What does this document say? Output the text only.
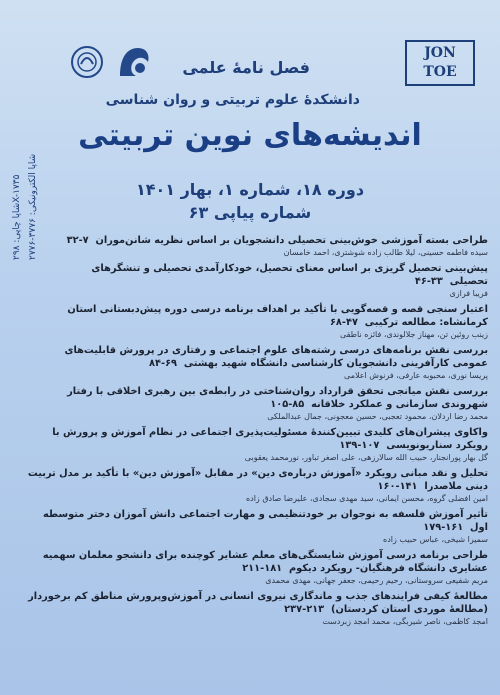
JON TOE
شاپا چاپی: ۲۹۸X-۱۷۳۵
شاپا الکترونیکی: ۳۷۷۶-۲۷۷۶
فصل نامهٔ علمی
دانشکدهٔ علوم تربیتی و روان شناسی
اندیشه‌های نوین تربیتی
دوره ۱۸، شماره ۱، بهار ۱۴۰۱
شماره پیاپی ۶۳
طراحی بسته آموزشی خوش‌بینی تحصیلی دانشجویان بر اساس نظریه شانن‌موران  ۷-۳۲
سیده فاطمه حسینی، لیلا طالب زاده شوشتری، احمد خامسان
پیش‌بینی تحصیل گریزی بر اساس معنای تحصیل، خودکارآمدی تحصیلی و تنشگرهای تحصیلی  ۳۳-۴۶
فریبا فرازی
اعتبار سنجی قصه و قصه‌گویی با تأکید بر اهداف برنامه درسی دوره پیش‌دبستانی استان کرمانشاه: مطالعه ترکیبی  ۴۷-۶۸
زینب روئین تن، مهناز جلالوندی، فائزه ناطقی
بررسی نقش برنامه‌های درسی رشته‌های علوم اجتماعی و رفتاری در پرورش قابلیت‌های عمومی کارآفرینی دانشجویان کارشناسی دانشگاه شهید بهشتی  ۶۹-۸۴
پریسا نوری، محبوبه عارفی، فرنوش اعلامی
بررسی نقش میانجی تحقق قرارداد روان‌شناختی در رابطه‌ی بین رهبری اخلاقی با رفتار شهروندی سازمانی و عملکرد خلاقانه  ۸۵-۱۰۵
محمد رضا اردلان، محمود تعجبی، حسین معجونی، جمال عبدالملکی
واکاوی پیشران‌های کلیدی تبیین‌کنندهٔ مسئولیت‌پذیری اجتماعی در نظام آموزش و پرورش با رویکرد سناریونویسی  ۱۰۷-۱۳۹
گل بهار پورانجنار، حبیب الله سالارزهی، علی اصغر تباور، نورمحمد یعقوبی
تحلیل و نقد مبانی رویکرد «آموزش درباره‌ی دین» در مقابل «آموزش دین» با تأکید بر مدل تربیت دینی ملاصدرا  ۱۴۱-۱۶۰
امین افضلی گروه، محسن ایمانی، سید مهدی سجادی، علیرضا صادق زاده
تأثیر آموزش فلسفه به نوجوان بر خودتنظیمی و مهارت اجتماعی دانش آموزان دختر متوسطه اول  ۱۶۱-۱۷۹
سمیرا شیخی، عباس حبیب زاده
طراحی برنامه درسی آموزش شایستگی‌های معلم عشایر کوچنده برای دانشجو معلمان سهمیه عشایری دانشگاه فرهنگیان- رویکرد دیکوم  ۱۸۱-۲۱۱
مریم شفیعی سروستانی، رحیم رحیمی، جعفر جهانی، مهدی محمدی
مطالعهٔ کیفی فرایندهای جذب و ماندگاری نیروی انسانی در آموزش‌وپرورش مناطق کم برخوردار (مطالعهٔ موردی استان کردستان)  ۲۱۳-۲۳۷
امجد کاظمی، ناصر شیربگی، محمد امجد زبردست
